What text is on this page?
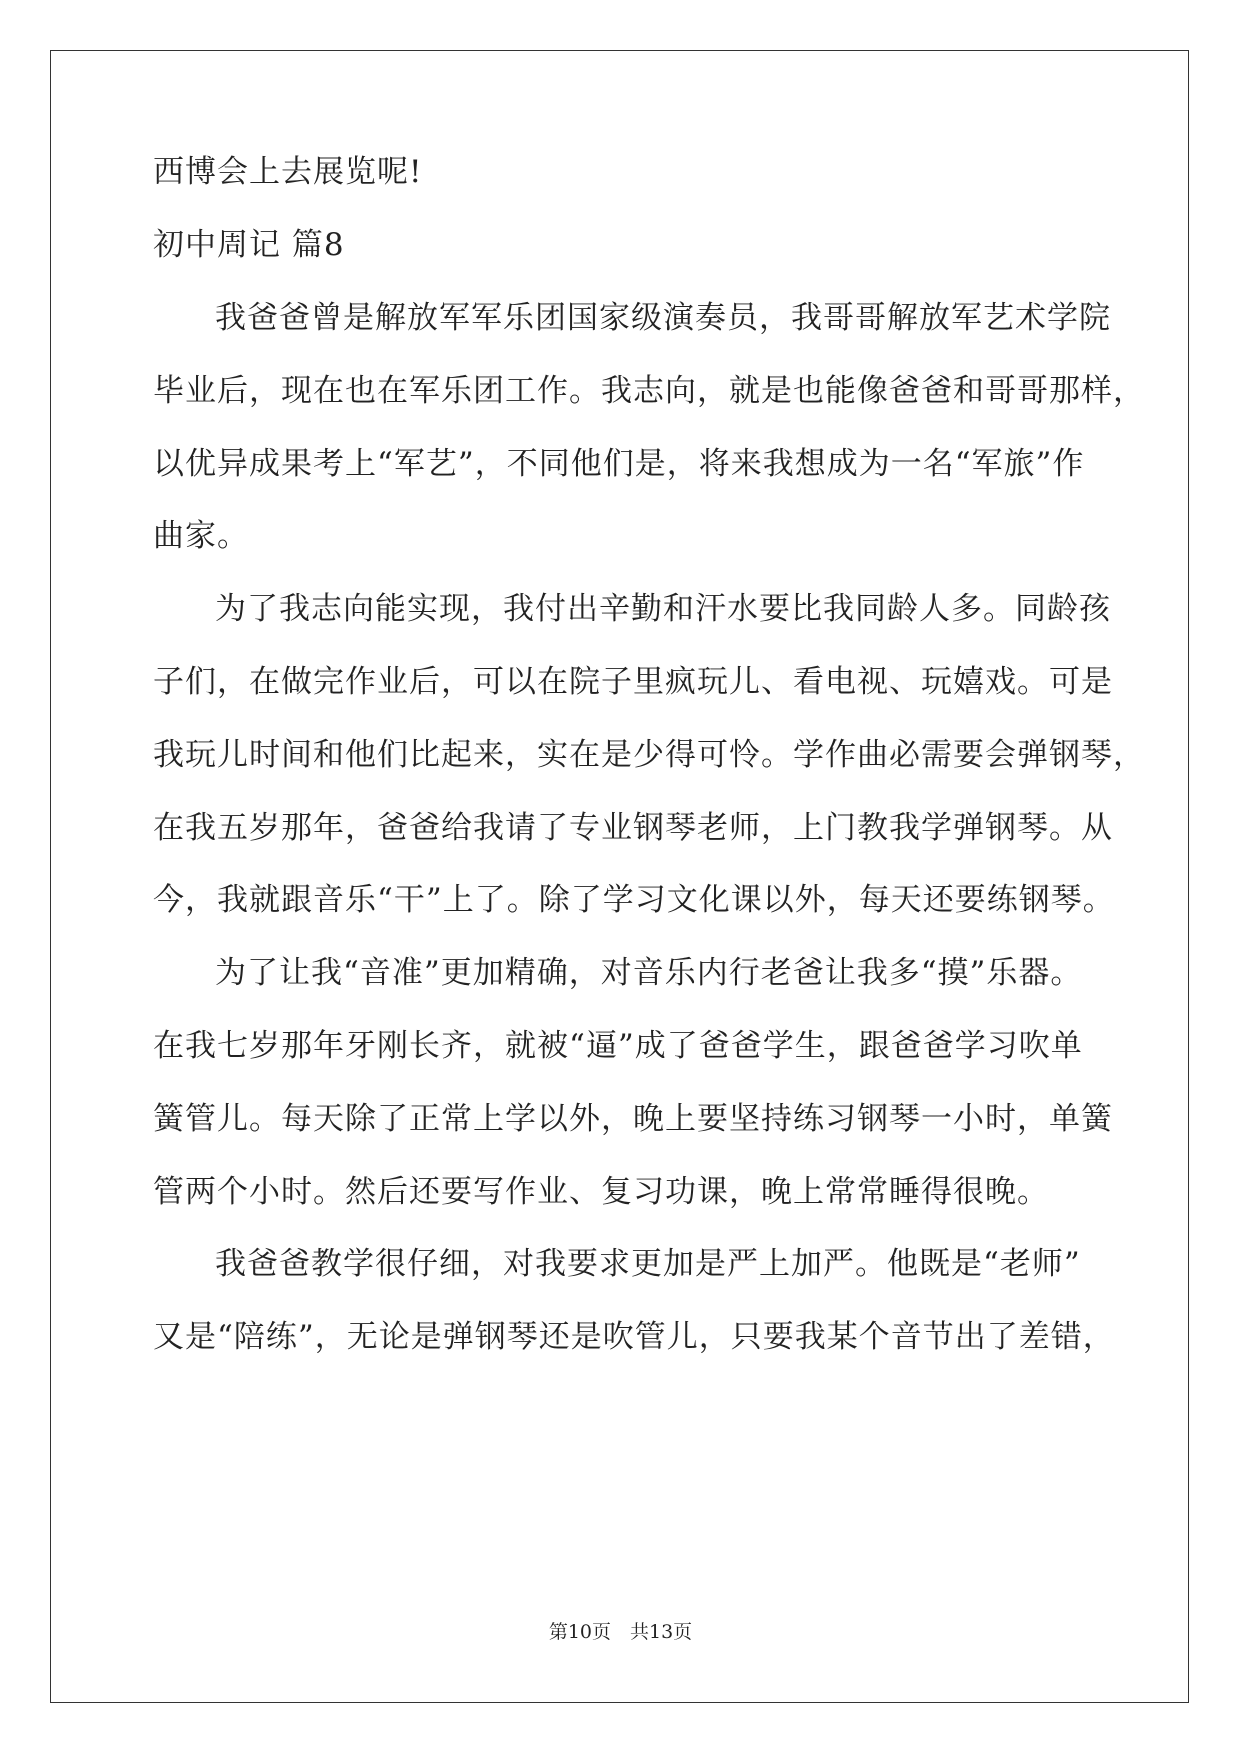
西博会上去展览呢!
初中周记 篇8
我爸爸曾是解放军军乐团国家级演奏员，我哥哥解放军艺术学院
毕业后，现在也在军乐团工作。我志向，就是也能像爸爸和哥哥那样，
以优异成果考上“军艺”，不同他们是，将来我想成为一名“军旅”作
曲家。
为了我志向能实现，我付出辛勤和汗水要比我同龄人多。同龄孩
子们，在做完作业后，可以在院子里疯玩儿、看电视、玩嬉戏。可是
我玩儿时间和他们比起来，实在是少得可怜。学作曲必需要会弹钢琴，
在我五岁那年，爸爸给我请了专业钢琴老师，上门教我学弹钢琴。从
今，我就跟音乐“干”上了。除了学习文化课以外，每天还要练钢琴。
为了让我“音准”更加精确，对音乐内行老爸让我多“摸”乐器。
在我七岁那年牙刚长齐，就被“逼”成了爸爸学生，跟爸爸学习吹单
簧管儿。每天除了正常上学以外，晚上要坚持练习钢琴一小时，单簧
管两个小时。然后还要写作业、复习功课，晚上常常睡得很晚。
我爸爸教学很仔细，对我要求更加是严上加严。他既是“老师”
又是“陪练”，无论是弹钢琴还是吹管儿，只要我某个音节出了差错，
第10页　共13页
